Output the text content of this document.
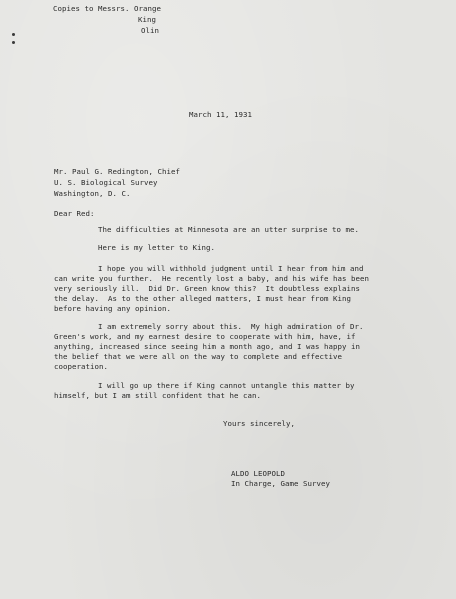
Copies to Messrs. Orange
King
Olin
March 11, 1931
Mr. Paul G. Redington, Chief
U. S. Biological Survey
Washington, D. C.
Dear Red:
The difficulties at Minnesota are an utter surprise to me.
Here is my letter to King.
I hope you will withhold judgment until I hear from him and
can write you further.  He recently lost a baby, and his wife has been
very seriously ill.  Did Dr. Green know this?  It doubtless explains
the delay.  As to the other alleged matters, I must hear from King
before having any opinion.
I am extremely sorry about this.  My high admiration of Dr.
Green's work, and my earnest desire to cooperate with him, have, if
anything, increased since seeing him a month ago, and I was happy in
the belief that we were all on the way to complete and effective
cooperation.
I will go up there if King cannot untangle this matter by
himself, but I am still confident that he can.
Yours sincerely,
ALDO LEOPOLD
In Charge, Game Survey
